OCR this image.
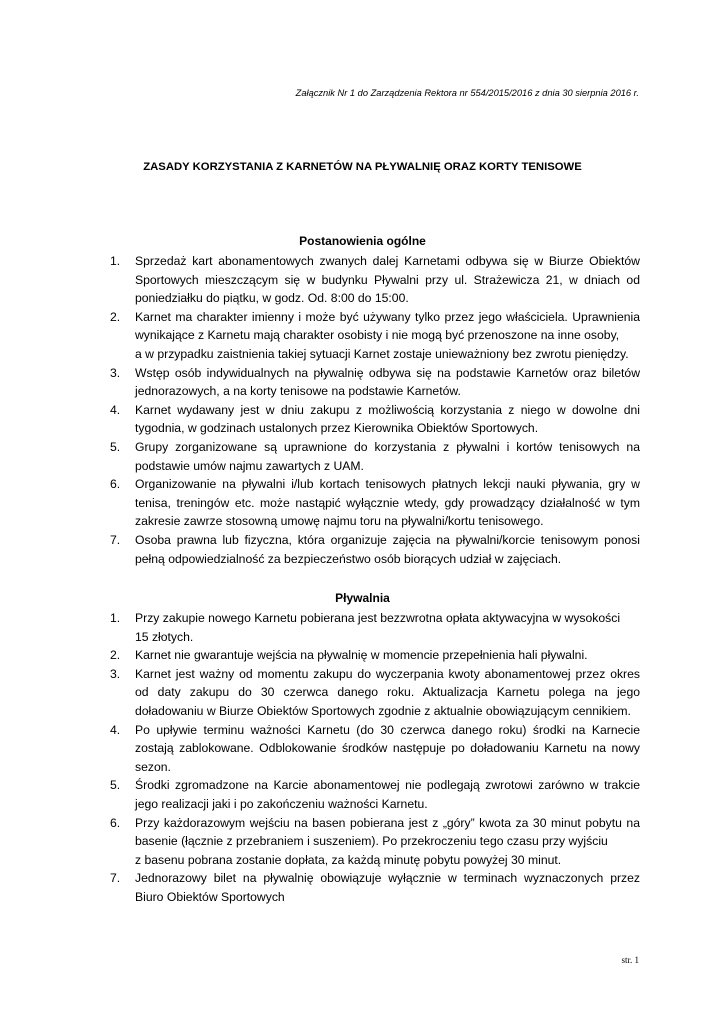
Załącznik Nr 1 do Zarządzenia Rektora nr 554/2015/2016 z dnia 30 sierpnia 2016 r.
ZASADY KORZYSTANIA Z KARNETÓW NA PŁYWALNIĘ ORAZ KORTY TENISOWE
Postanowienia ogólne
1.	Sprzedaż kart abonamentowych zwanych dalej Karnetami odbywa się w Biurze Obiektów Sportowych mieszczącym się w budynku Pływalni przy ul. Strażewicza 21, w dniach od poniedziałku do piątku, w godz. Od. 8:00 do 15:00.
2.	Karnet ma charakter imienny i może być używany tylko przez jego właściciela. Uprawnienia wynikające z Karnetu mają charakter osobisty i nie mogą być przenoszone na inne osoby,
a w przypadku zaistnienia takiej sytuacji Karnet zostaje unieważniony bez zwrotu pieniędzy.
3.	Wstęp osób indywidualnych na pływalnię odbywa się na podstawie Karnetów oraz biletów jednorazowych, a na korty tenisowe na podstawie Karnetów.
4.	Karnet wydawany jest w dniu zakupu z możliwością korzystania z niego w dowolne dni tygodnia, w godzinach ustalonych przez Kierownika Obiektów Sportowych.
5.	Grupy zorganizowane są uprawnione do korzystania z pływalni i kortów tenisowych na podstawie umów najmu zawartych z UAM.
6.	Organizowanie na pływalni i/lub kortach tenisowych płatnych lekcji nauki pływania, gry w tenisa, treningów etc. może nastąpić wyłącznie wtedy, gdy prowadzący działalność w tym zakresie zawrze stosowną umowę najmu toru na pływalni/kortu tenisowego.
7.	Osoba prawna lub fizyczna, która organizuje zajęcia na pływalni/korcie tenisowym ponosi pełną odpowiedzialność za bezpieczeństwo osób biorących udział w zajęciach.
Pływalnia
1.	Przy zakupie nowego Karnetu pobierana jest bezzwrotna opłata aktywacyjna w wysokości
15 złotych.
2.	Karnet nie gwarantuje wejścia na pływalnię w momencie przepełnienia hali pływalni.
3.	Karnet jest ważny od momentu zakupu do wyczerpania kwoty abonamentowej przez okres od daty zakupu do 30 czerwca danego roku. Aktualizacja Karnetu polega na jego doładowaniu w Biurze Obiektów Sportowych zgodnie z aktualnie obowiązującym cennikiem.
4.	Po upływie terminu ważności Karnetu (do 30 czerwca danego roku) środki na Karnecie zostają zablokowane. Odblokowanie środków następuje po doładowaniu Karnetu na nowy sezon.
5.	Środki zgromadzone na Karcie abonamentowej nie podlegają zwrotowi zarówno w trakcie jego realizacji jaki i po zakończeniu ważności Karnetu.
6.	Przy każdorazowym wejściu na basen pobierana jest z „góry” kwota za 30 minut pobytu na basenie (łącznie z przebraniem i suszeniem). Po przekroczeniu tego czasu przy wyjściu
z basenu pobrana zostanie dopłata, za każdą minutę pobytu powyżej 30 minut.
7.	Jednorazowy bilet na pływalnię obowiązuje wyłącznie w terminach wyznaczonych przez Biuro Obiektów Sportowych
str. 1
